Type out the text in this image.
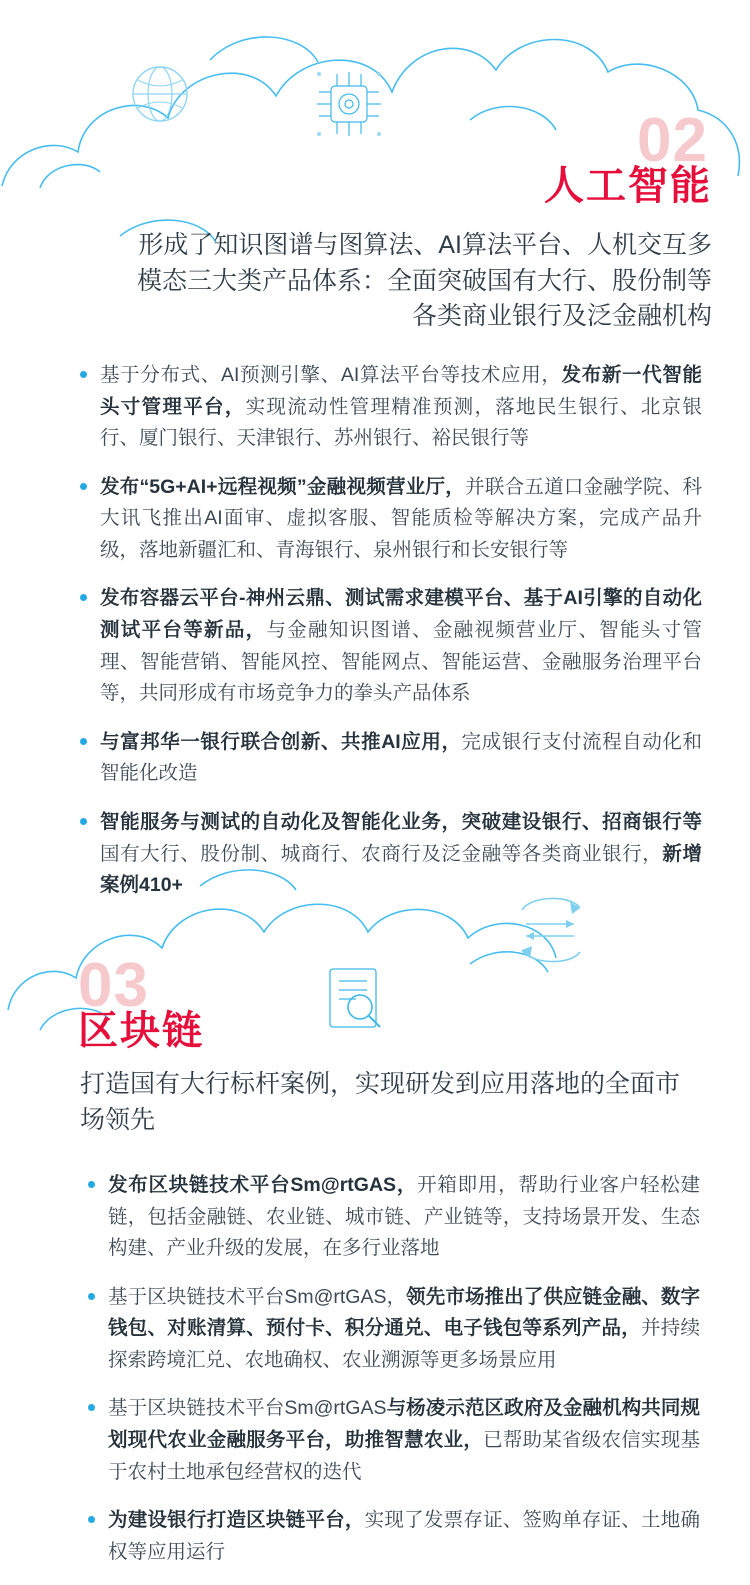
02
人工智能
形成了知识图谱与图算法、AI算法平台、人机交互多模态三大类产品体系：全面突破国有大行、股份制等各类商业银行及泛金融机构
基于分布式、AI预测引擎、AI算法平台等技术应用，发布新一代智能头寸管理平台，实现流动性管理精准预测，落地民生银行、北京银行、厦门银行、天津银行、苏州银行、裕民银行等
发布“5G+AI+远程视频”金融视频营业厅，并联合五道口金融学院、科大讯飞推出AI面审、虚拟客服、智能质检等解决方案，完成产品升级，落地新疆汇和、青海银行、泉州银行和长安银行等
发布容器云平台-神州云鼎、测试需求建模平台、基于AI引擎的自动化测试平台等新品，与金融知识图谱、金融视频营业厅、智能头寸管理、智能营销、智能风控、智能网点、智能运营、金融服务治理平台等，共同形成有市场竞争力的拳头产品体系
与富邦华一银行联合创新、共推AI应用，完成银行支付流程自动化和智能化改造
智能服务与测试的自动化及智能化业务，突破建设银行、招商银行等国有大行、股份制、城商行、农商行及泛金融等各类商业银行，新增案例410+
03
区块链
打造国有大行标杆案例，实现研发到应用落地的全面市场领先
发布区块链技术平台Sm@rtGAS，开箱即用，帮助行业客户轻松建链，包括金融链、农业链、城市链、产业链等，支持场景开发、生态构建、产业升级的发展，在多行业落地
基于区块链技术平台Sm@rtGAS，领先市场推出了供应链金融、数字钱包、对账清算、预付卡、积分通兑、电子钱包等系列产品，并持续探索跨境汇兑、农地确权、农业溯源等更多场景应用
基于区块链技术平台Sm@rtGAS与杨凌示范区政府及金融机构共同规划现代农业金融服务平台，助推智慧农业，已帮助某省级农信实现基于农村土地承包经营权的迭代
为建设银行打造区块链平台，实现了发票存证、签购单存证、土地确权等应用运行
